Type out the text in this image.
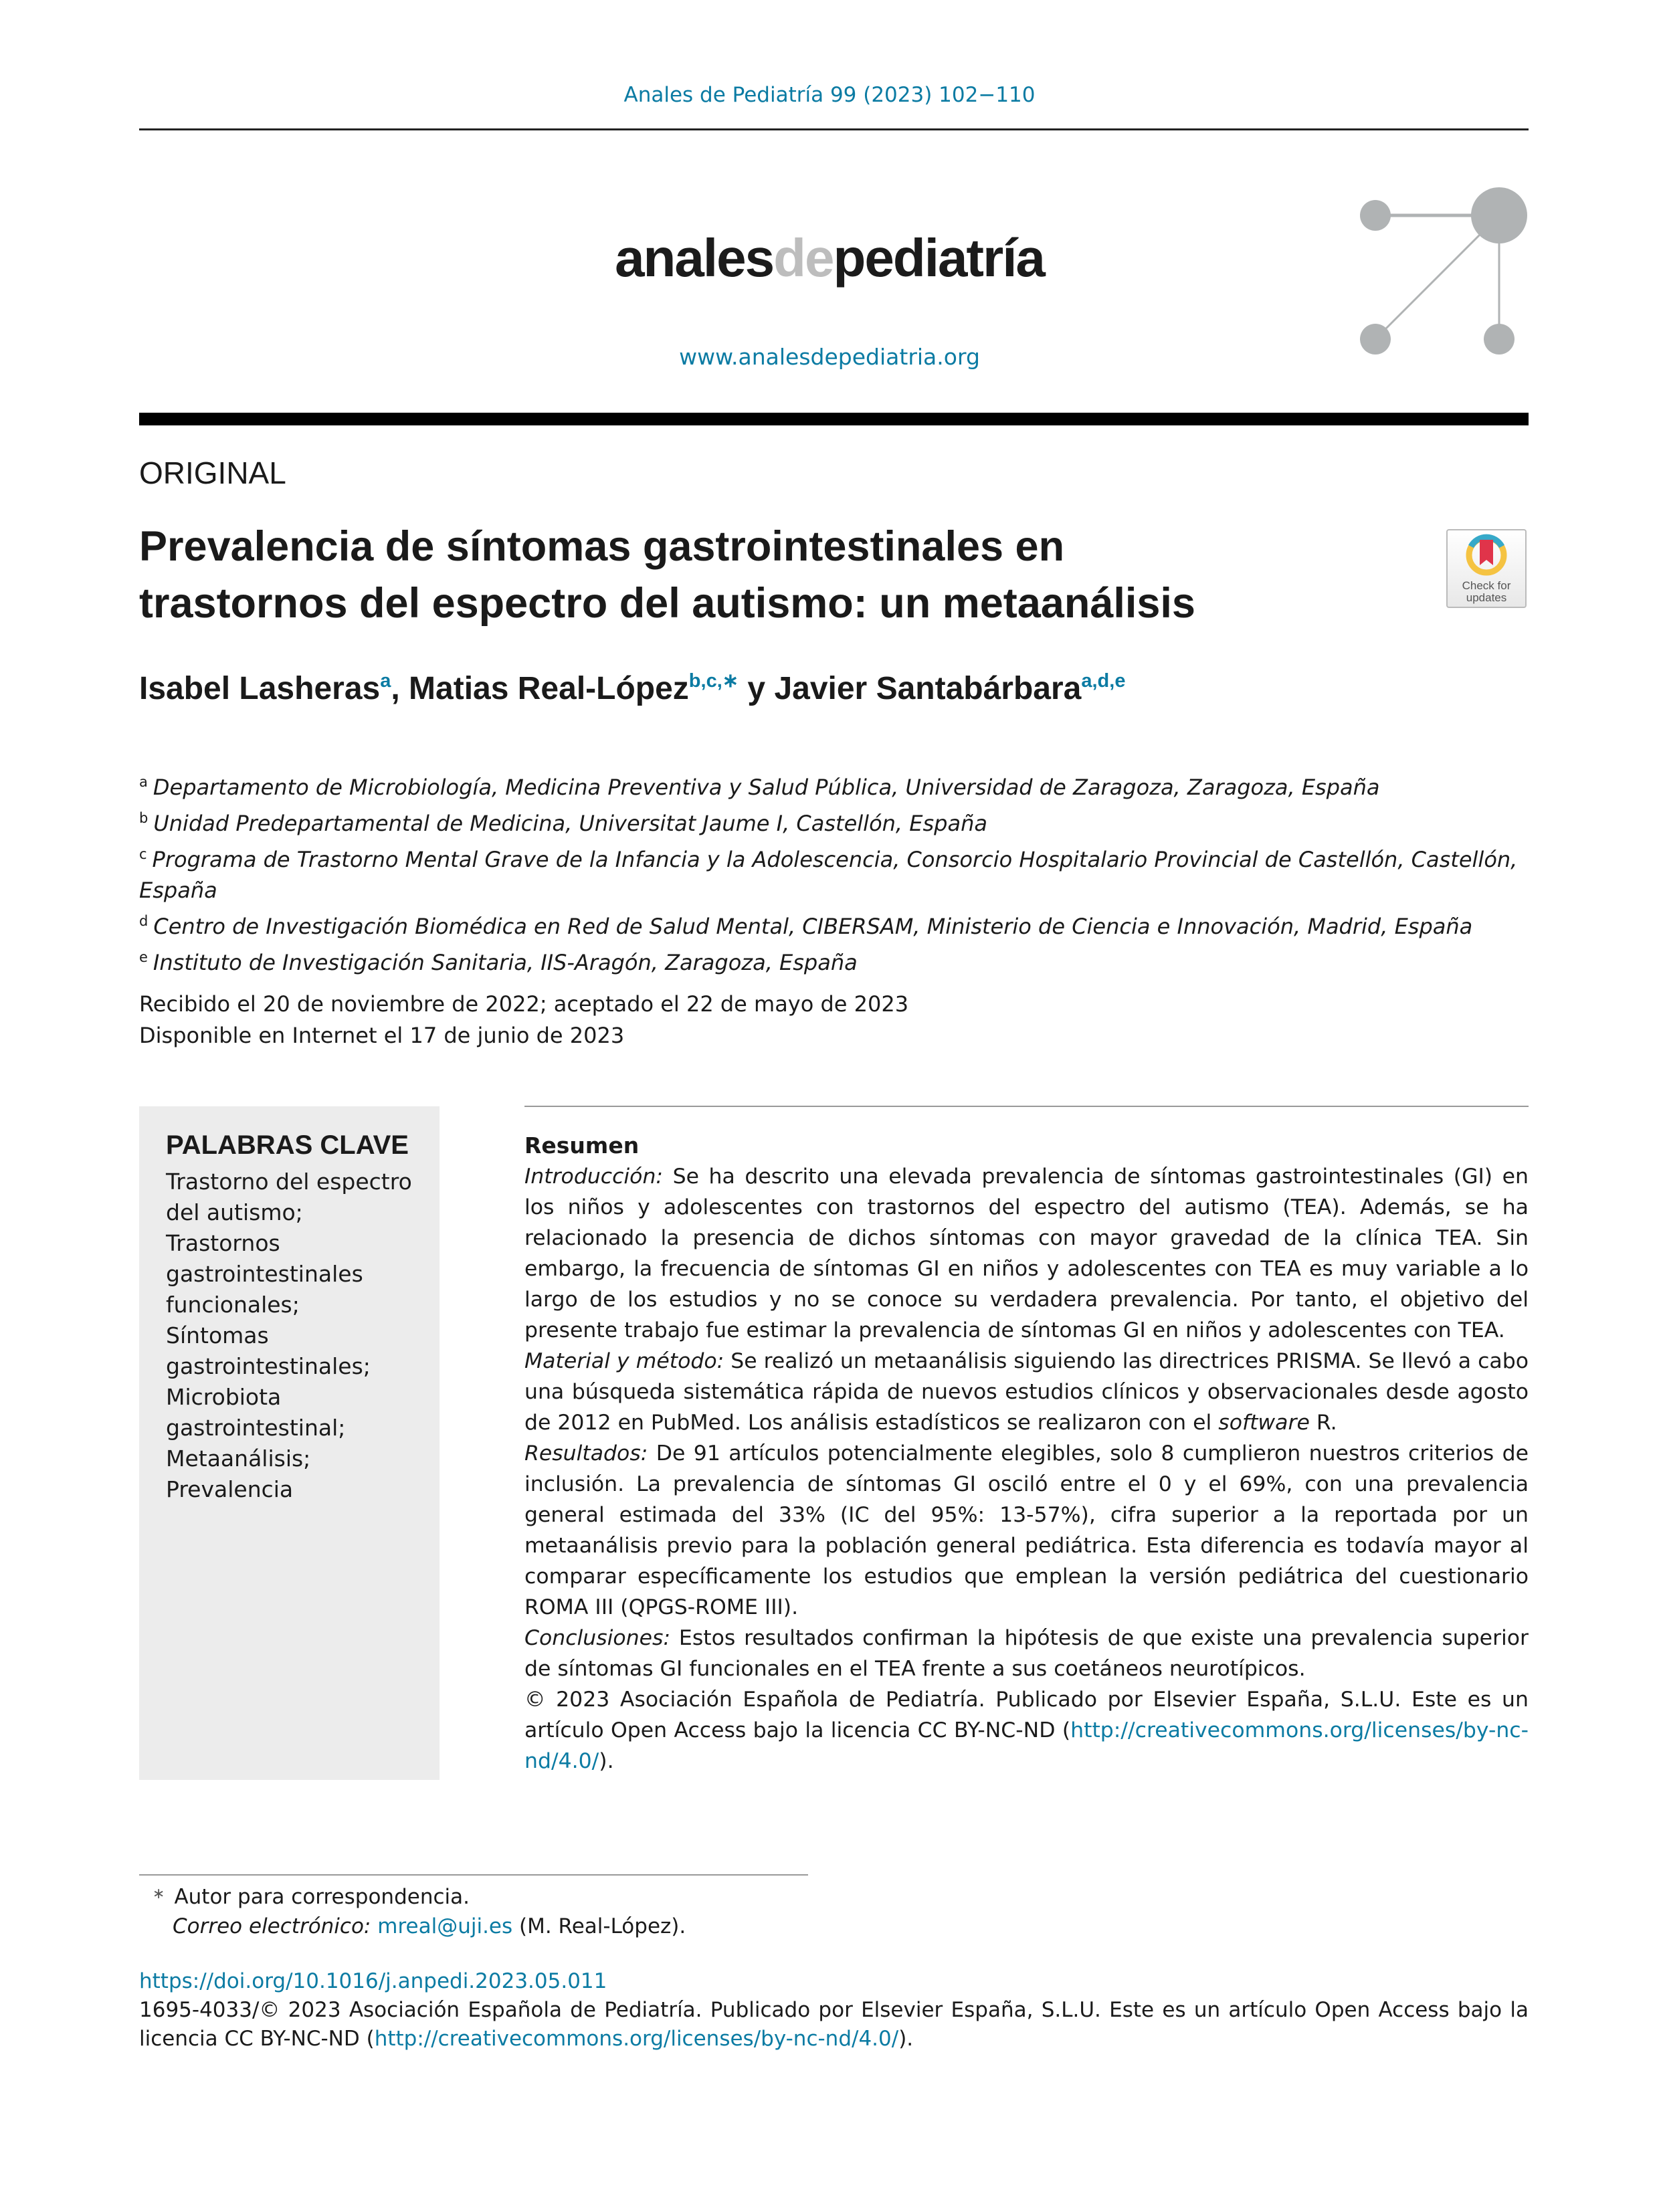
Anales de Pediatría 99 (2023) 102−110
analesdepediatría
www.analesdepediatria.org
ORIGINAL
Prevalencia de síntomas gastrointestinales en
trastornos del espectro del autismo: un metaanálisis	Check for
updates
Isabel Lasheras$^a$, Matias Real-López$^{b,c,∗}$ y Javier Santabárbara$^{a,d,e}$
$^a$ Departamento de Microbiología, Medicina Preventiva y Salud Pública, Universidad de Zaragoza, Zaragoza, España
$^b$ Unidad Predepartamental de Medicina, Universitat Jaume I, Castellón, España
$^c$ Programa de Trastorno Mental Grave de la Infancia y la Adolescencia, Consorcio Hospitalario Provincial de Castellón, Castellón, España
$^d$ Centro de Investigación Biomédica en Red de Salud Mental, CIBERSAM, Ministerio de Ciencia e Innovación, Madrid, España
$^e$ Instituto de Investigación Sanitaria, IIS-Aragón, Zaragoza, España
Recibido el 20 de noviembre de 2022; aceptado el 22 de mayo de 2023
Disponible en Internet el 17 de junio de 2023
PALABRAS CLAVE
Trastorno del espectro del autismo;
Trastornos gastrointestinales funcionales;
Síntomas gastrointestinales;
Microbiota gastrointestinal;
Metaanálisis;
Prevalencia

Resumen

Introducción: Se ha descrito una elevada prevalencia de síntomas gastrointestinales (GI) en los niños y adolescentes con trastornos del espectro del autismo (TEA). Además, se ha relacionado la presencia de dichos síntomas con mayor gravedad de la clínica TEA. Sin embargo, la frecuencia de síntomas GI en niños y adolescentes con TEA es muy variable a lo largo de los estudios y no se conoce su verdadera prevalencia. Por tanto, el objetivo del presente trabajo fue estimar la prevalencia de síntomas GI en niños y adolescentes con TEA.

Material y método: Se realizó un metaanálisis siguiendo las directrices PRISMA. Se llevó a cabo una búsqueda sistemática rápida de nuevos estudios clínicos y observacionales desde agosto de 2012 en PubMed. Los análisis estadísticos se realizaron con el software R.

Resultados: De 91 artículos potencialmente elegibles, solo 8 cumplieron nuestros criterios de inclusión. La prevalencia de síntomas GI osciló entre el 0 y el 69%, con una prevalencia general estimada del 33% (IC del 95%: 13-57%), cifra superior a la reportada por un metaanálisis previo para la población general pediátrica. Esta diferencia es todavía mayor al comparar específicamente los estudios que emplean la versión pediátrica del cuestionario ROMA III (QPGS-ROME III).

Conclusiones: Estos resultados confirman la hipótesis de que existe una prevalencia superior de síntomas GI funcionales en el TEA frente a sus coetáneos neurotípicos.

© 2023 Asociación Española de Pediatría. Publicado por Elsevier España, S.L.U. Este es un artículo Open Access bajo la licencia CC BY-NC-ND (http://creativecommons.org/licenses/by-nc-nd/4.0/).

∗ Autor para correspondencia.
Correo electrónico: mreal@uji.es (M. Real-López).
https://doi.org/10.1016/j.anpedi.2023.05.011
1695-4033/© 2023 Asociación Española de Pediatría. Publicado por Elsevier España, S.L.U. Este es un artículo Open Access bajo la licencia CC BY-NC-ND (http://creativecommons.org/licenses/by-nc-nd/4.0/).
